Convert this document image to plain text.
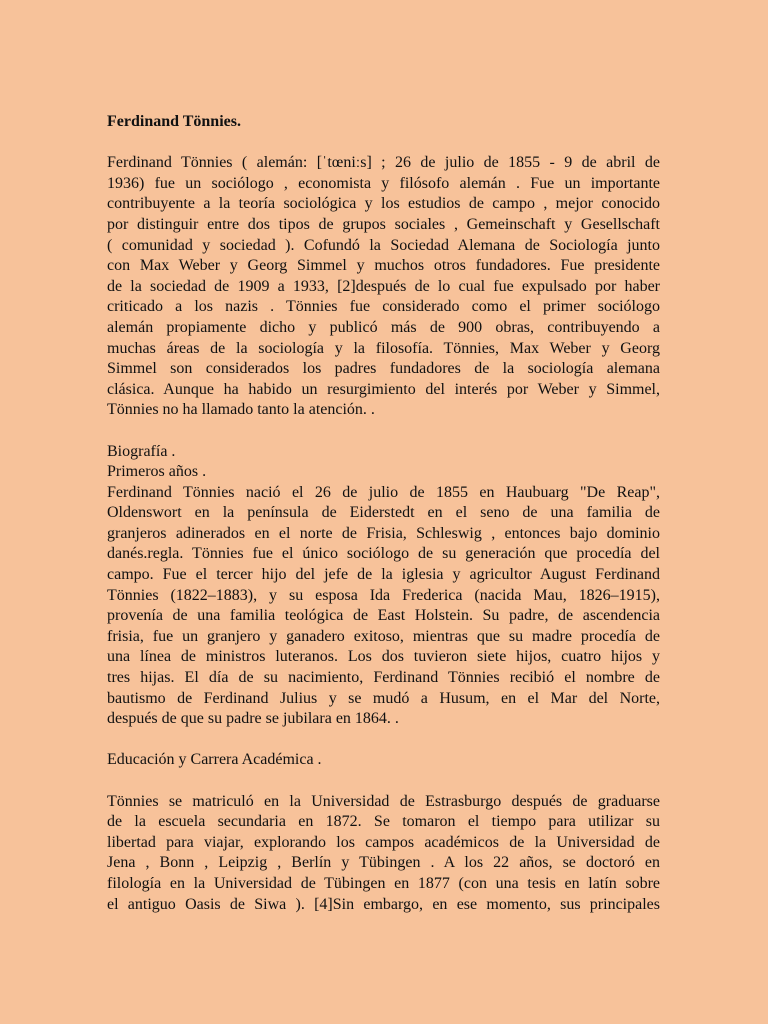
Ferdinand Tönnies.
Ferdinand Tönnies ( alemán: [ˈtœniːs] ; 26 de julio de 1855 - 9 de abril de
1936) fue un sociólogo , economista y filósofo alemán . Fue un importante
contribuyente a la teoría sociológica y los estudios de campo , mejor conocido
por distinguir entre dos tipos de grupos sociales , Gemeinschaft y Gesellschaft
( comunidad y sociedad ). Cofundó la Sociedad Alemana de Sociología junto
con Max Weber y Georg Simmel y muchos otros fundadores. Fue presidente
de la sociedad de 1909 a 1933, [2]después de lo cual fue expulsado por haber
criticado a los nazis . Tönnies fue considerado como el primer sociólogo
alemán propiamente dicho y publicó más de 900 obras, contribuyendo a
muchas áreas de la sociología y la filosofía. Tönnies, Max Weber y Georg
Simmel son considerados los padres fundadores de la sociología alemana
clásica. Aunque ha habido un resurgimiento del interés por Weber y Simmel,
Tönnies no ha llamado tanto la atención. .
Biografía .
Primeros años .
Ferdinand Tönnies nació el 26 de julio de 1855 en Haubuarg "De Reap",
Oldenswort en la península de Eiderstedt en el seno de una familia de
granjeros adinerados en el norte de Frisia, Schleswig , entonces bajo dominio
danés.regla. Tönnies fue el único sociólogo de su generación que procedía del
campo. Fue el tercer hijo del jefe de la iglesia y agricultor August Ferdinand
Tönnies (1822–1883), y su esposa Ida Frederica (nacida Mau, 1826–1915),
provenía de una familia teológica de East Holstein. Su padre, de ascendencia
frisia, fue un granjero y ganadero exitoso, mientras que su madre procedía de
una línea de ministros luteranos. Los dos tuvieron siete hijos, cuatro hijos y
tres hijas. El día de su nacimiento, Ferdinand Tönnies recibió el nombre de
bautismo de Ferdinand Julius y se mudó a Husum, en el Mar del Norte,
después de que su padre se jubilara en 1864. .
Educación y Carrera Académica .
Tönnies se matriculó en la Universidad de Estrasburgo después de graduarse
de la escuela secundaria en 1872. Se tomaron el tiempo para utilizar su
libertad para viajar, explorando los campos académicos de la Universidad de
Jena , Bonn , Leipzig , Berlín y Tübingen . A los 22 años, se doctoró en
filología en la Universidad de Tübingen en 1877 (con una tesis en latín sobre
el antiguo Oasis de Siwa ). [4]Sin embargo, en ese momento, sus principales
